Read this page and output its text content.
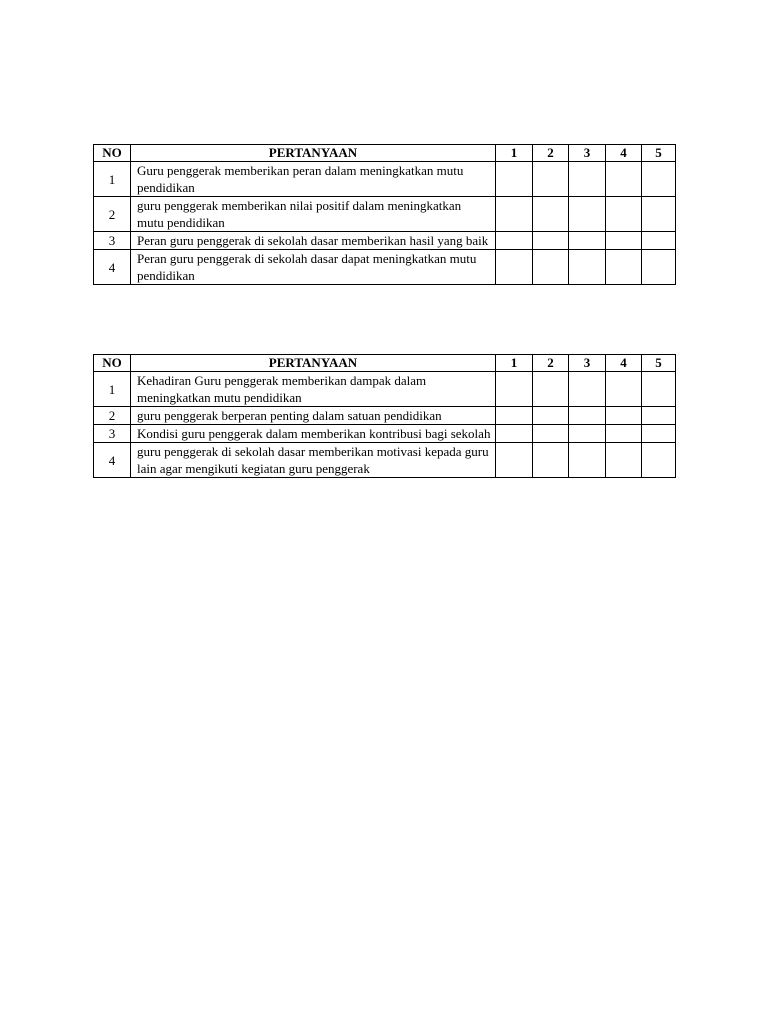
NO	PERTANYAAN	1	2	3	4	5
1	Guru penggerak memberikan peran dalam meningkatkan mutu pendidikan					
2	guru penggerak memberikan nilai positif dalam meningkatkan mutu pendidikan					
3	Peran guru penggerak di sekolah dasar memberikan hasil yang baik					
4	Peran guru penggerak di sekolah dasar dapat meningkatkan mutu pendidikan					
NO	PERTANYAAN	1	2	3	4	5
1	Kehadiran Guru penggerak memberikan dampak dalam meningkatkan mutu pendidikan					
2	guru penggerak berperan penting dalam satuan pendidikan					
3	Kondisi guru penggerak dalam memberikan kontribusi bagi sekolah					
4	guru penggerak di sekolah dasar memberikan motivasi kepada guru lain agar mengikuti kegiatan guru penggerak					
